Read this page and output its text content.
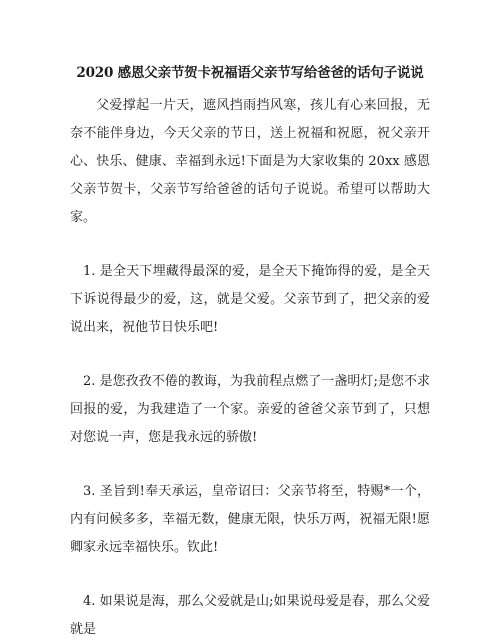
2020 感恩父亲节贺卡祝福语父亲节写给爸爸的话句子说说

父爱撑起一片天，遮风挡雨挡风寒，孩儿有心来回报，无奈不能伴身边，今天父亲的节日，送上祝福和祝愿，祝父亲开心、快乐、健康、幸福到永远!下面是为大家收集的 20xx 感恩父亲节贺卡，父亲节写给爸爸的话句子说说。希望可以帮助大家。

1. 是全天下埋藏得最深的爱，是全天下掩饰得的爱，是全天下诉说得最少的爱，这，就是父爱。父亲节到了，把父亲的爱说出来，祝他节日快乐吧!

2. 是您孜孜不倦的教诲，为我前程点燃了一盏明灯;是您不求回报的爱，为我建造了一个家。亲爱的爸爸父亲节到了，只想对您说一声，您是我永远的骄傲!

3. 圣旨到!奉天承运，皇帝诏曰：父亲节将至，特赐*一个，内有问候多多，幸福无数，健康无限，快乐万两，祝福无限!愿卿家永远幸福快乐。钦此!

4. 如果说是海，那么父爱就是山;如果说母爱是春，那么父爱就是
